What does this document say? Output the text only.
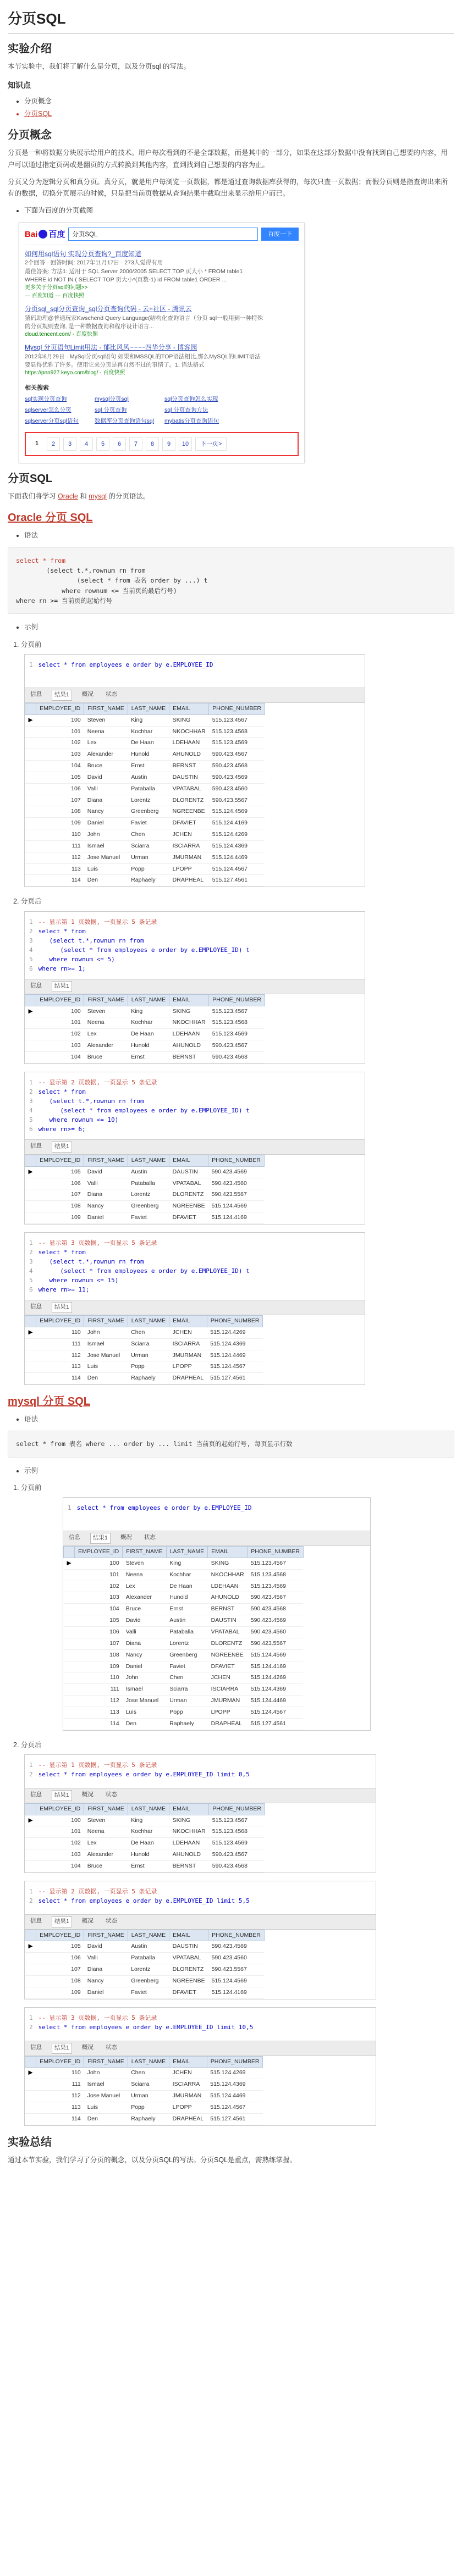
分页SQL
实验介绍

本节实验中，我们将了解什么是分页，以及分页sql 的写法。

知识点
• 分页概念
• 分页SQL
分页概念

分页是一种将数据分块展示给用户的技术。用户每次看到的不是全部数据，而是其中的一部分，如果在这部分数据中没有找到自己想要的内容，用户可以通过指定页码或是翻页的方式转换到其他内容，直到找到自己想要的内容为止。

分页又分为逻辑分页和真分页。真分页，就是用户每浏览一页数据，都是通过查询数据库获得的，每次只查一页数据；而假分页则是指查询出来所有的数据，切换分页展示的时候，只是把当前页数据从查询结果中截取出来显示给用户而已。

• 下面为百度的分页截图
Bai 百度	分页SQL	百度一下
如何用sql语句 实现分页查询?_百度知道
2个回答 · 回答时间: 2017年11月17日 · 273人觉得有用
最佳答案: 方法1: 适用于 SQL Server 2000/2005 SELECT TOP 页大小 * FROM table1
WHERE id NOT IN ( SELECT TOP 页大小*(页数-1) id FROM table1 ORDER ...
更多关于分页sql的问题>>
— 百度知道 — 百度快照
分页sql_sql分页查询_sql分页查询代码 - 云+社区 - 腾讯云
猿码助理@普通玩家Kwschend Query Language(结构化查询语言（分页 sql一般用到一种特殊
的分页规则查询, 是一种数据查询和程序设计语言...
cloud.tencent.com/ - 百度快照
Mysql 分页语句Limit用法 - 郁比风风~~~~四华分享 - 博客园
2012年6月29日 · MySql分页sql语句 如果和MSSQL的TOP语法相比,那么MySQL的LIMIT语法
要显得优雅了许多。使用它来分页是再自然不过的事情了。1. 语法格式
https://pnn927.keyo.com/blog/ - 百度快照
相关搜索
sql实现分页查询	mysql分页sql	sql分页查询怎么实现
sqlserver怎么分页	sql 分页查询	sql 分页查询方法
sqlserver分页sql语句	数据库分页查询语句sql	mybatis分页查询语句
1	2	3	4	5	6	7	8	9	10	下一页>
分页SQL

下面我们将学习 Oracle 和 mysql 的分页语法。

Oracle 分页 SQL
• 语法
select * from
(select t.*,rownum rn from
(select * from 表名 order by ...) t
where rownum <= 当前页的最后行号)
where rn >= 当前页的起始行号
• 示例
1. 分页前
1 select * from employees e order by e.EMPLOYEE_ID
信息	结果1	概况	状态
	EMPLOYEE_ID	FIRST_NAME	LAST_NAME	EMAIL	PHONE_NUMBER
▶	100	Steven	King	SKING	515.123.4567
	101	Neena	Kochhar	NKOCHHAR	515.123.4568
	102	Lex	De Haan	LDEHAAN	515.123.4569
	103	Alexander	Hunold	AHUNOLD	590.423.4567
	104	Bruce	Ernst	BERNST	590.423.4568
	105	David	Austin	DAUSTIN	590.423.4569
	106	Valli	Pataballa	VPATABAL	590.423.4560
	107	Diana	Lorentz	DLORENTZ	590.423.5567
	108	Nancy	Greenberg	NGREENBE	515.124.4569
	109	Daniel	Faviet	DFAVIET	515.124.4169
	110	John	Chen	JCHEN	515.124.4269
	111	Ismael	Sciarra	ISCIARRA	515.124.4369
	112	Jose Manuel	Urman	JMURMAN	515.124.4469
	113	Luis	Popp	LPOPP	515.124.4567
	114	Den	Raphaely	DRAPHEAL	515.127.4561
2. 分页后
1 -- 显示第 1 页数据, 一页显示 5 条记录
2 select * from
3   (select t.*,rownum rn from
4      (select * from employees e order by e.EMPLOYEE_ID) t
5   where rownum <= 5)
6 where rn>= 1;
信息	结果1
	EMPLOYEE_ID	FIRST_NAME	LAST_NAME	EMAIL	PHONE_NUMBER
▶	100	Steven	King	SKING	515.123.4567
	101	Neena	Kochhar	NKOCHHAR	515.123.4568
	102	Lex	De Haan	LDEHAAN	515.123.4569
	103	Alexander	Hunold	AHUNOLD	590.423.4567
	104	Bruce	Ernst	BERNST	590.423.4568
1 -- 显示第 2 页数据, 一页显示 5 条记录
2 select * from
3   (select t.*,rownum rn from
4      (select * from employees e order by e.EMPLOYEE_ID) t
5   where rownum <= 10)
6 where rn>= 6;
信息	结果1
	EMPLOYEE_ID	FIRST_NAME	LAST_NAME	EMAIL	PHONE_NUMBER
▶	105	David	Austin	DAUSTIN	590.423.4569
	106	Valli	Pataballa	VPATABAL	590.423.4560
	107	Diana	Lorentz	DLORENTZ	590.423.5567
	108	Nancy	Greenberg	NGREENBE	515.124.4569
	109	Daniel	Faviet	DFAVIET	515.124.4169
1 -- 显示第 3 页数据, 一页显示 5 条记录
2 select * from
3   (select t.*,rownum rn from
4      (select * from employees e order by e.EMPLOYEE_ID) t
5   where rownum <= 15)
6 where rn>= 11;
信息	结果1
	EMPLOYEE_ID	FIRST_NAME	LAST_NAME	EMAIL	PHONE_NUMBER
▶	110	John	Chen	JCHEN	515.124.4269
	111	Ismael	Sciarra	ISCIARRA	515.124.4369
	112	Jose Manuel	Urman	JMURMAN	515.124.4469
	113	Luis	Popp	LPOPP	515.124.4567
	114	Den	Raphaely	DRAPHEAL	515.127.4561
mysql 分页 SQL
• 语法
select * from 表名 where ... order by ... limit 当前页的起始行号, 每页显示行数
• 示例
1. 分页前
1 select * from employees e order by e.EMPLOYEE_ID
信息	结果1	概况	状态
	EMPLOYEE_ID	FIRST_NAME	LAST_NAME	EMAIL	PHONE_NUMBER
▶	100	Steven	King	SKING	515.123.4567
	101	Neena	Kochhar	NKOCHHAR	515.123.4568
	102	Lex	De Haan	LDEHAAN	515.123.4569
	103	Alexander	Hunold	AHUNOLD	590.423.4567
	104	Bruce	Ernst	BERNST	590.423.4568
	105	David	Austin	DAUSTIN	590.423.4569
	106	Valli	Pataballa	VPATABAL	590.423.4560
	107	Diana	Lorentz	DLORENTZ	590.423.5567
	108	Nancy	Greenberg	NGREENBE	515.124.4569
	109	Daniel	Faviet	DFAVIET	515.124.4169
	110	John	Chen	JCHEN	515.124.4269
	111	Ismael	Sciarra	ISCIARRA	515.124.4369
	112	Jose Manuel	Urman	JMURMAN	515.124.4469
	113	Luis	Popp	LPOPP	515.124.4567
	114	Den	Raphaely	DRAPHEAL	515.127.4561
2. 分页后
1 -- 显示第 1 页数据, 一页显示 5 条记录
2 select * from employees e order by e.EMPLOYEE_ID limit 0,5
信息	结果1	概况	状态
	EMPLOYEE_ID	FIRST_NAME	LAST_NAME	EMAIL	PHONE_NUMBER
▶	100	Steven	King	SKING	515.123.4567
	101	Neena	Kochhar	NKOCHHAR	515.123.4568
	102	Lex	De Haan	LDEHAAN	515.123.4569
	103	Alexander	Hunold	AHUNOLD	590.423.4567
	104	Bruce	Ernst	BERNST	590.423.4568
1 -- 显示第 2 页数据, 一页显示 5 条记录
2 select * from employees e order by e.EMPLOYEE_ID limit 5,5
信息	结果1	概况	状态
	EMPLOYEE_ID	FIRST_NAME	LAST_NAME	EMAIL	PHONE_NUMBER
▶	105	David	Austin	DAUSTIN	590.423.4569
	106	Valli	Pataballa	VPATABAL	590.423.4560
	107	Diana	Lorentz	DLORENTZ	590.423.5567
	108	Nancy	Greenberg	NGREENBE	515.124.4569
	109	Daniel	Faviet	DFAVIET	515.124.4169
1 -- 显示第 3 页数据, 一页显示 5 条记录
2 select * from employees e order by e.EMPLOYEE_ID limit 10,5
信息	结果1	概况	状态
	EMPLOYEE_ID	FIRST_NAME	LAST_NAME	EMAIL	PHONE_NUMBER
▶	110	John	Chen	JCHEN	515.124.4269
	111	Ismael	Sciarra	ISCIARRA	515.124.4369
	112	Jose Manuel	Urman	JMURMAN	515.124.4469
	113	Luis	Popp	LPOPP	515.124.4567
	114	Den	Raphaely	DRAPHEAL	515.127.4561
实验总结

通过本节实验，我们学习了分页的概念，以及分页SQL的写法。分页SQL是重点，需熟练掌握。
